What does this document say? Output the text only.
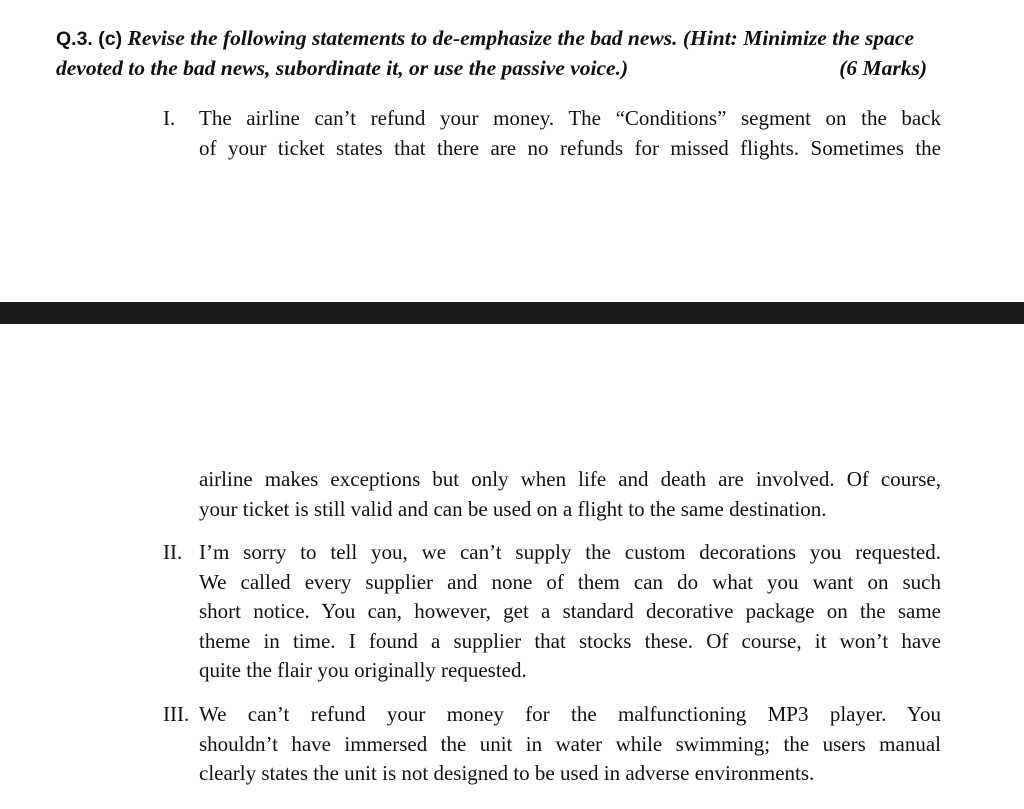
Q.3. (c) Revise the following statements to de-emphasize the bad news. (Hint: Minimize the space devoted to the bad news, subordinate it, or use the passive voice.)	(6 Marks)
I. The airline can’t refund your money. The “Conditions” segment on the back
of your ticket states that there are no refunds for missed flights. Sometimes the
airline makes exceptions but only when life and death are involved. Of course,
your ticket is still valid and can be used on a flight to the same destination.
II. I’m sorry to tell you, we can’t supply the custom decorations you requested.
We called every supplier and none of them can do what you want on such
short notice. You can, however, get a standard decorative package on the same
theme in time. I found a supplier that stocks these. Of course, it won’t have
quite the flair you originally requested.
III. We can’t refund your money for the malfunctioning MP3 player. You
shouldn’t have immersed the unit in water while swimming; the users manual
clearly states the unit is not designed to be used in adverse environments.
